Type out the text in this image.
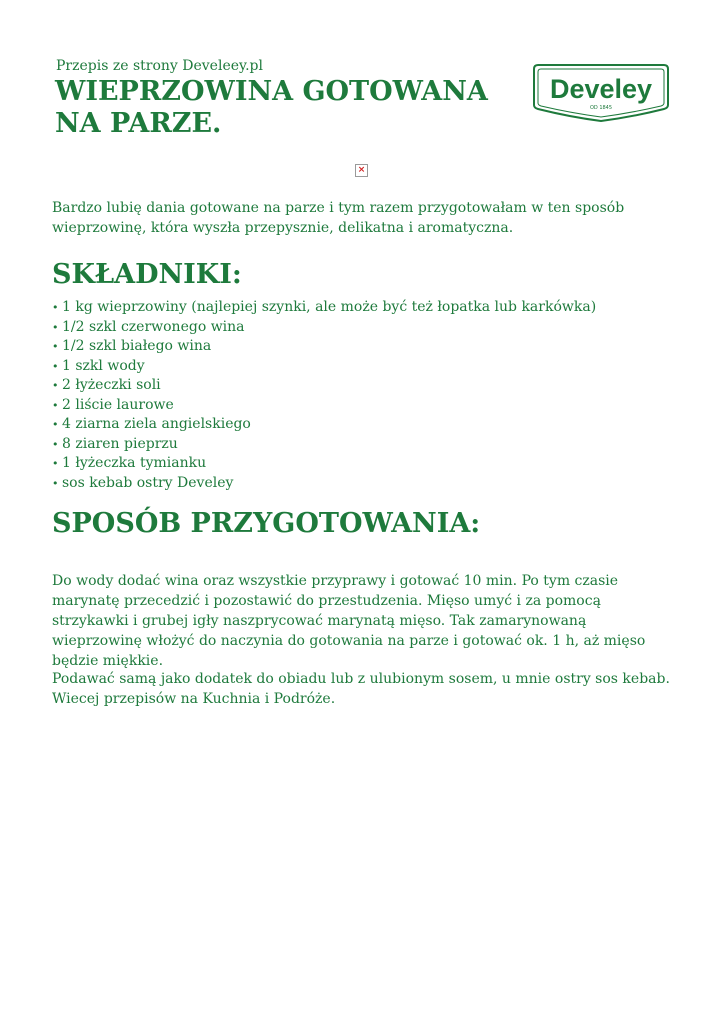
Przepis ze strony Develeey.pl
WIEPRZOWINA GOTOWANA NA PARZE.
Develey
OD 1845
×

Bardzo lubię dania gotowane na parze i tym razem przygotowałam w ten sposób wieprzowinę, która wyszła przepysznie, delikatna i aromatyczna.

SKŁADNIKI:
• 1 kg wieprzowiny (najlepiej szynki, ale może być też łopatka lub karkówka)
• 1/2 szkl czerwonego wina
• 1/2 szkl białego wina
• 1 szkl wody
• 2 łyżeczki soli
• 2 liście laurowe
• 4 ziarna ziela angielskiego
• 8 ziaren pieprzu
• 1 łyżeczka tymianku
• sos kebab ostry Develey
SPOSÓB PRZYGOTOWANIA:

Do wody dodać wina oraz wszystkie przyprawy i gotować 10 min. Po tym czasie marynatę przecedzić i pozostawić do przestudzenia. Mięso umyć i za pomocą strzykawki i grubej igły naszprycować marynatą mięso. Tak zamarynowaną wieprzowinę włożyć do naczynia do gotowania na parze i gotować ok. 1 h, aż mięso będzie miękkie.

Podawać samą jako dodatek do obiadu lub z ulubionym sosem, u mnie ostry sos kebab. Wiecej przepisów na Kuchnia i Podróże.
